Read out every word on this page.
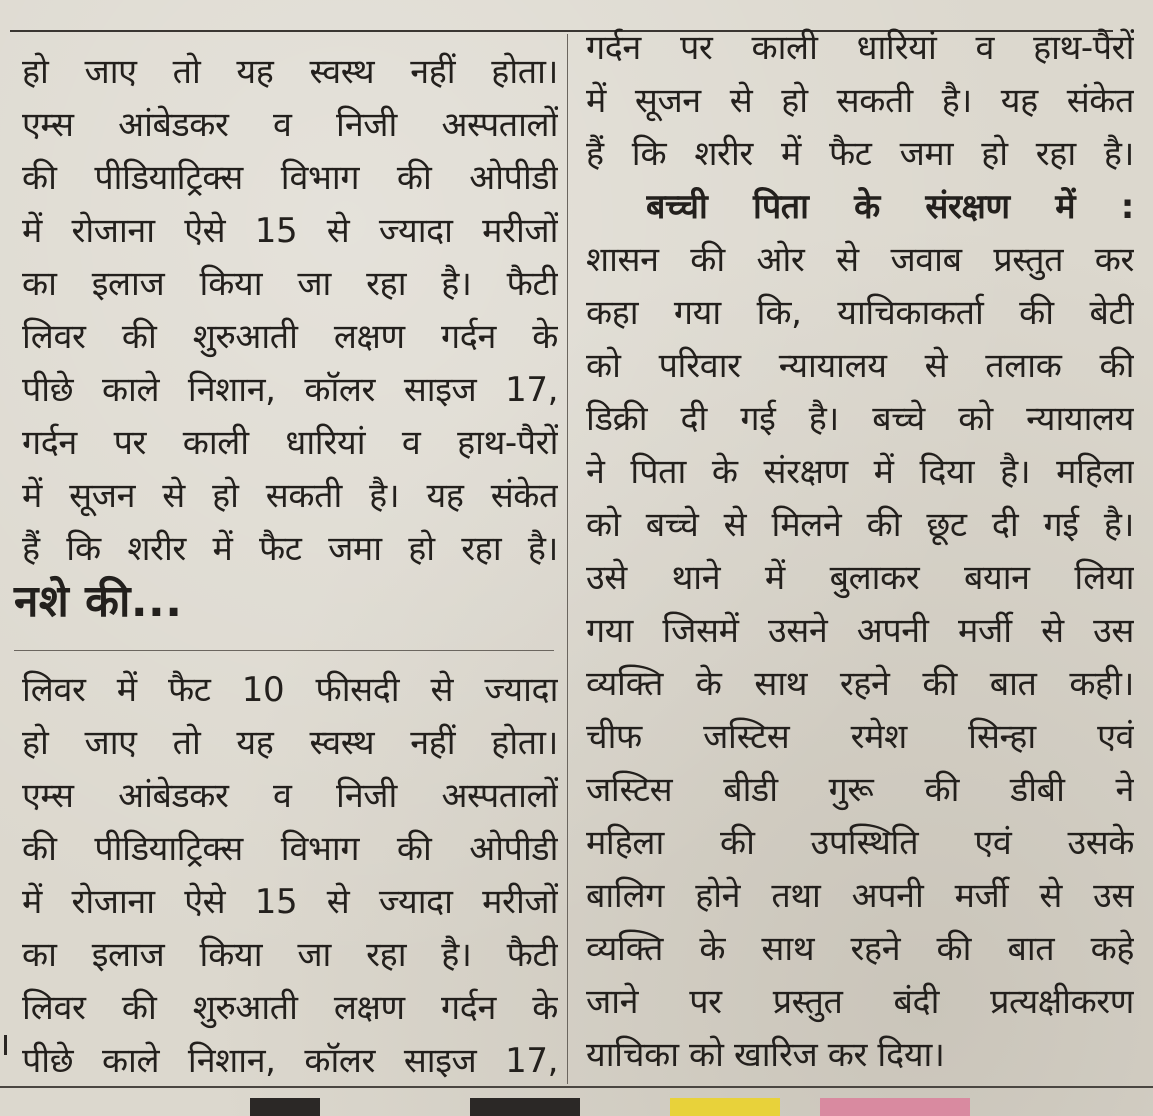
हो जाए तो यह स्वस्थ नहीं होता।
एम्स आंबेडकर व निजी अस्पतालों
की पीडियाट्रिक्स विभाग की ओपीडी
में रोजाना ऐसे 15 से ज्यादा मरीजों
का इलाज किया जा रहा है। फैटी
लिवर की शुरुआती लक्षण गर्दन के
पीछे काले निशान, कॉलर साइज 17,
गर्दन पर काली धारियां व हाथ-पैरों
में सूजन से हो सकती है। यह संकेत
हैं कि शरीर में फैट जमा हो रहा है।
नशे की...
लिवर में फैट 10 फीसदी से ज्यादा
हो जाए तो यह स्वस्थ नहीं होता।
एम्स आंबेडकर व निजी अस्पतालों
की पीडियाट्रिक्स विभाग की ओपीडी
में रोजाना ऐसे 15 से ज्यादा मरीजों
का इलाज किया जा रहा है। फैटी
लिवर की शुरुआती लक्षण गर्दन के
पीछे काले निशान, कॉलर साइज 17,
गर्दन पर काली धारियां व हाथ-पैरों
में सूजन से हो सकती है। यह संकेत
हैं कि शरीर में फैट जमा हो रहा है।
बच्ची पिता के संरक्षण में :
शासन की ओर से जवाब प्रस्तुत कर
कहा गया कि, याचिकाकर्ता की बेटी
को परिवार न्यायालय से तलाक की
डिक्री दी गई है। बच्चे को न्यायालय
ने पिता के संरक्षण में दिया है। महिला
को बच्चे से मिलने की छूट दी गई है।
उसे थाने में बुलाकर बयान लिया
गया जिसमें उसने अपनी मर्जी से उस
व्यक्ति के साथ रहने की बात कही।
चीफ जस्टिस रमेश सिन्हा एवं
जस्टिस बीडी गुरू की डीबी ने
महिला की उपस्थिति एवं उसके
बालिग होने तथा अपनी मर्जी से उस
व्यक्ति के साथ रहने की बात कहे
जाने पर प्रस्तुत बंदी प्रत्यक्षीकरण
याचिका को खारिज कर दिया।
